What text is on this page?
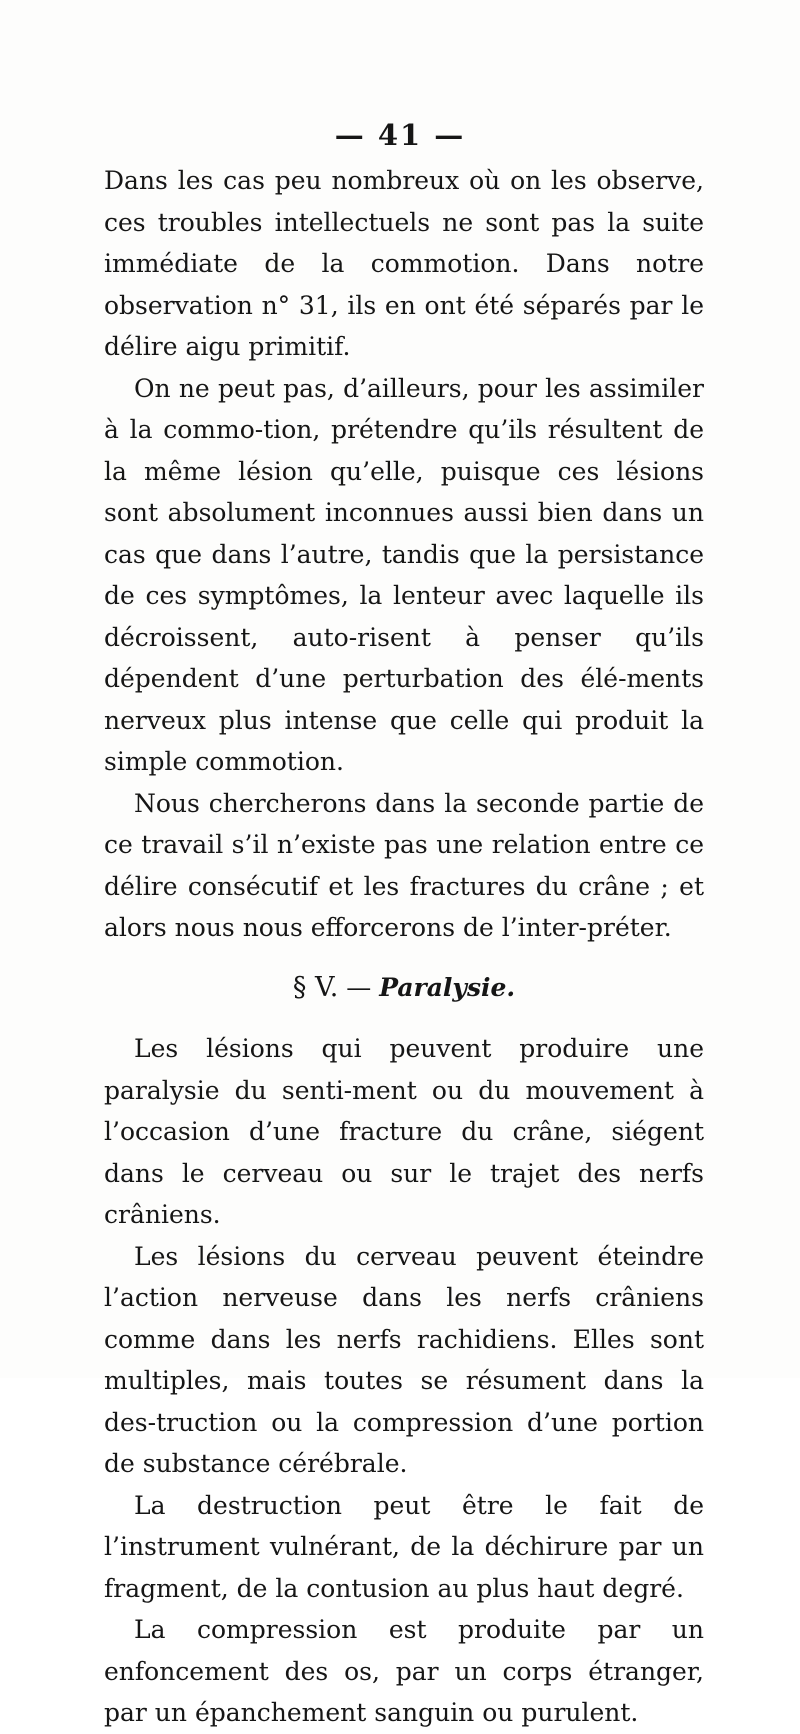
— 41 —

Dans les cas peu nombreux où on les observe, ces troubles intellectuels ne sont pas la suite immédiate de la commotion. Dans notre observation n° 31, ils en ont été séparés par le délire aigu primitif.

On ne peut pas, d’ailleurs, pour les assimiler à la commo-tion, prétendre qu’ils résultent de la même lésion qu’elle, puisque ces lésions sont absolument inconnues aussi bien dans un cas que dans l’autre, tandis que la persistance de ces symptômes, la lenteur avec laquelle ils décroissent, auto-risent à penser qu’ils dépendent d’une perturbation des élé-ments nerveux plus intense que celle qui produit la simple commotion.

Nous chercherons dans la seconde partie de ce travail s’il n’existe pas une relation entre ce délire consécutif et les fractures du crâne ; et alors nous nous efforcerons de l’inter-préter.

§ V. — Paralysie.

Les lésions qui peuvent produire une paralysie du senti-ment ou du mouvement à l’occasion d’une fracture du crâne, siégent dans le cerveau ou sur le trajet des nerfs crâniens.

Les lésions du cerveau peuvent éteindre l’action nerveuse dans les nerfs crâniens comme dans les nerfs rachidiens. Elles sont multiples, mais toutes se résument dans la des-truction ou la compression d’une portion de substance cérébrale.

La destruction peut être le fait de l’instrument vulnérant, de la déchirure par un fragment, de la contusion au plus haut degré.

La compression est produite par un enfoncement des os, par un corps étranger, par un épanchement sanguin ou purulent.
